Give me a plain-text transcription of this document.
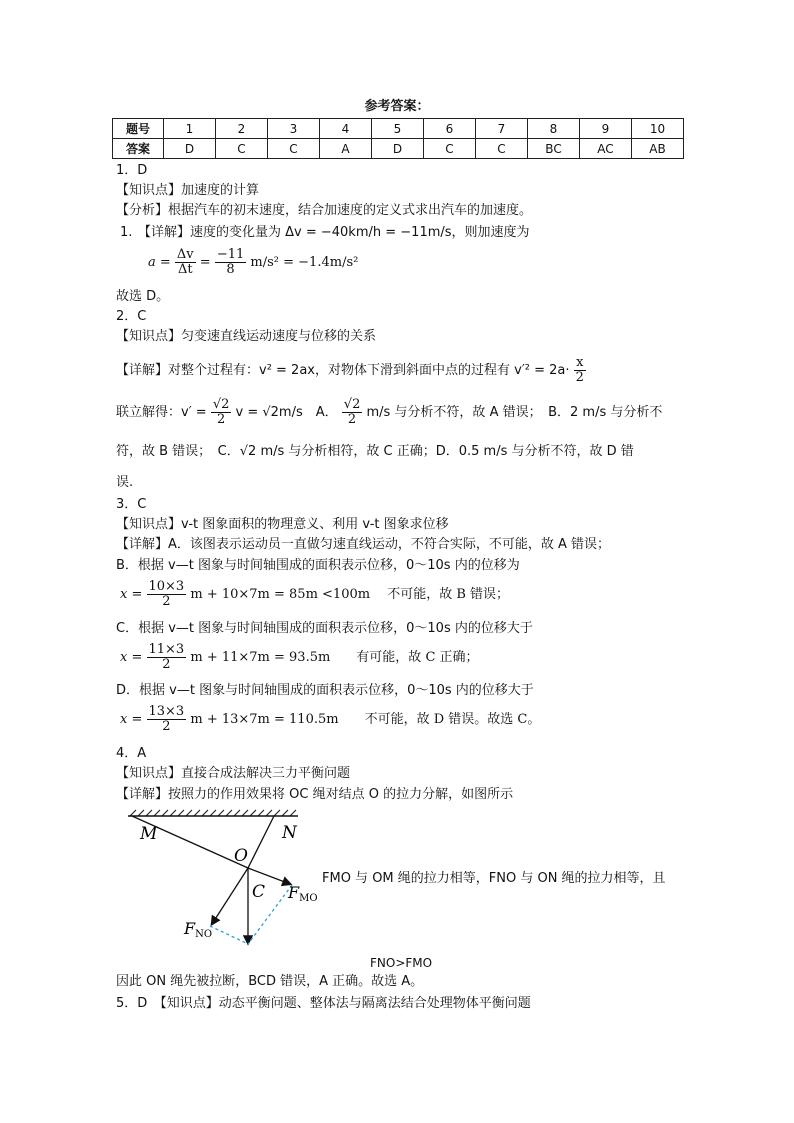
参考答案：
题号	1	2	3	4	5	6	7	8	9	10
答案	D	C	C	A	D	C	C	BC	AC	AB
1．D
【知识点】加速度的计算
【分析】根据汽车的初末速度，结合加速度的定义式求出汽车的加速度。
1. 【详解】速度的变化量为 Δv = −40km/h = −11m/s，则加速度为
$a = \frac{\Delta v}{\Delta t} = \frac{-11}{8} m/s^2 = -1.4m/s^2$
故选 D。
2．C
【知识点】匀变速直线运动速度与位移的关系
【详解】对整个过程有：v² = 2ax，对物体下滑到斜面中点的过程有 $v'^2 = 2a\cdot \frac{x}{2}$
联立解得：$v' = \frac{√2}{2}$ v = √2m/s　A． $\frac{√2}{2} m/s$ 与分析不符，故 A 错误；　B．2 m/s 与分析不
符，故 B 错误；　C．√2 m/s 与分析相符，故 C 正确；D．0.5 m/s 与分析不符，故 D 错
误.
3．C
【知识点】v-t 图象面积的物理意义、利用 v-t 图象求位移
【详解】A．该图表示运动员一直做匀速直线运动，不符合实际，不可能，故 A 错误；
B．根据 v—t 图象与时间轴围成的面积表示位移，0～10s 内的位移为
$x = \frac{10\times 3}{2}$ m + 10×7m = 85m <100m　 不可能，故 B 错误；
C．根据 v—t 图象与时间轴围成的面积表示位移，0～10s 内的位移大于
$x = \frac{11\times 3}{2}$ m + 11×7m = 93.5m　　有可能，故 C 正确；
D．根据 v—t 图象与时间轴围成的面积表示位移，0～10s 内的位移大于
$x = \frac{13\times 3}{2}$ m + 13×7m = 110.5m　　不可能，故 D 错误。故选 C。
4．A
【知识点】直接合成法解决三力平衡问题
【详解】按照力的作用效果将 OC 绳对结点 O 的拉力分解，如图所示
M	N
O
C FMO
FNO
FMO 与 OM 绳的拉力相等，FNO 与 ON 绳的拉力相等，且
FNO>FMO
因此 ON 绳先被拉断，BCD 错误，A 正确。故选 A。
5．D　【知识点】动态平衡问题、整体法与隔离法结合处理物体平衡问题
